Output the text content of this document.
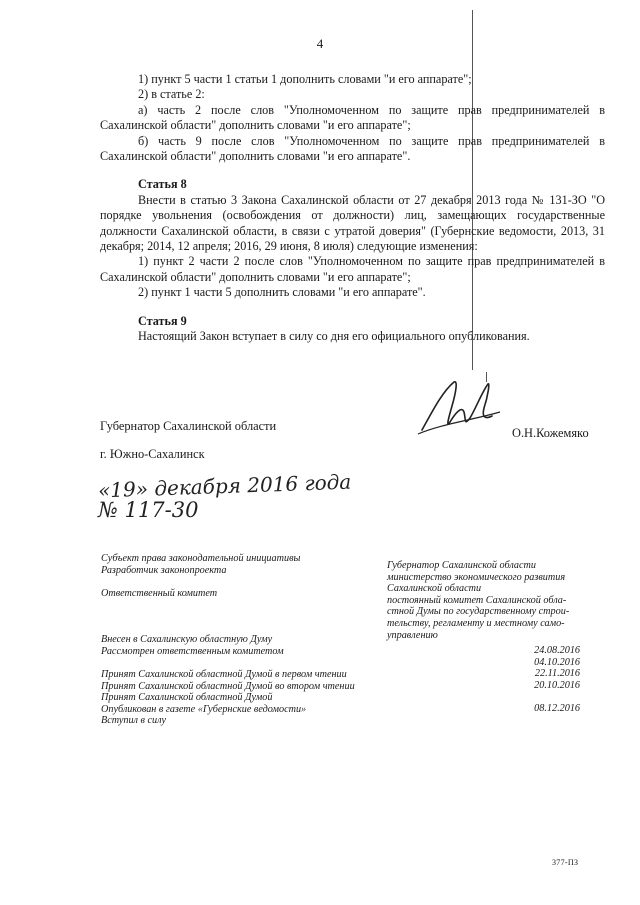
4

1) пункт 5 части 1 статьи 1 дополнить словами "и его аппарате";

2) в статье 2:

а) часть 2 после слов "Уполномоченном по защите прав предпринимателей в Сахалинской области" дополнить словами "и его аппарате";

б) часть 9 после слов "Уполномоченном по защите прав предпринимателей в Сахалинской области" дополнить словами "и его аппарате".

Статья 8

Внести в статью 3 Закона Сахалинской области от 27 декабря 2013 года № 131-ЗО "О порядке увольнения (освобождения от должности) лиц, замещающих государственные должности Сахалинской области, в связи с утратой доверия" (Губернские ведомости, 2013, 31 декабря; 2014, 12 апреля; 2016, 29 июня, 8 июля) следующие изменения:

1) пункт 2 части 2 после слов "Уполномоченном по защите прав предпринимателей в Сахалинской области" дополнить словами "и его аппарате";

2) пункт 1 части 5 дополнить словами "и его аппарате".

Статья 9

Настоящий Закон вступает в силу со дня его официального опубликования.

Губернатор Сахалинской области	О.Н.Кожемяко
г. Южно-Сахалинск
«19» декабря 2016 года
№ 117-30
Субъект права законодательной инициативы
Разработчик законопроекта
Ответственный комитет
Внесен в Сахалинскую областную Думу
Рассмотрен ответственным комитетом
Принят Сахалинской областной Думой в первом чтении
Принят Сахалинской областной Думой во втором чтении
Принят Сахалинской областной Думой
Опубликован в газете «Губернские ведомости»
Вступил в силу
Губернатор Сахалинской области
министерство экономического развития
Сахалинской области
постоянный комитет Сахалинской обла-
стной Думы по государственному строи-
тельству, регламенту и местному само-
управлению
24.08.2016
04.10.2016
22.11.2016
20.10.2016
08.12.2016
377-ПЗ
